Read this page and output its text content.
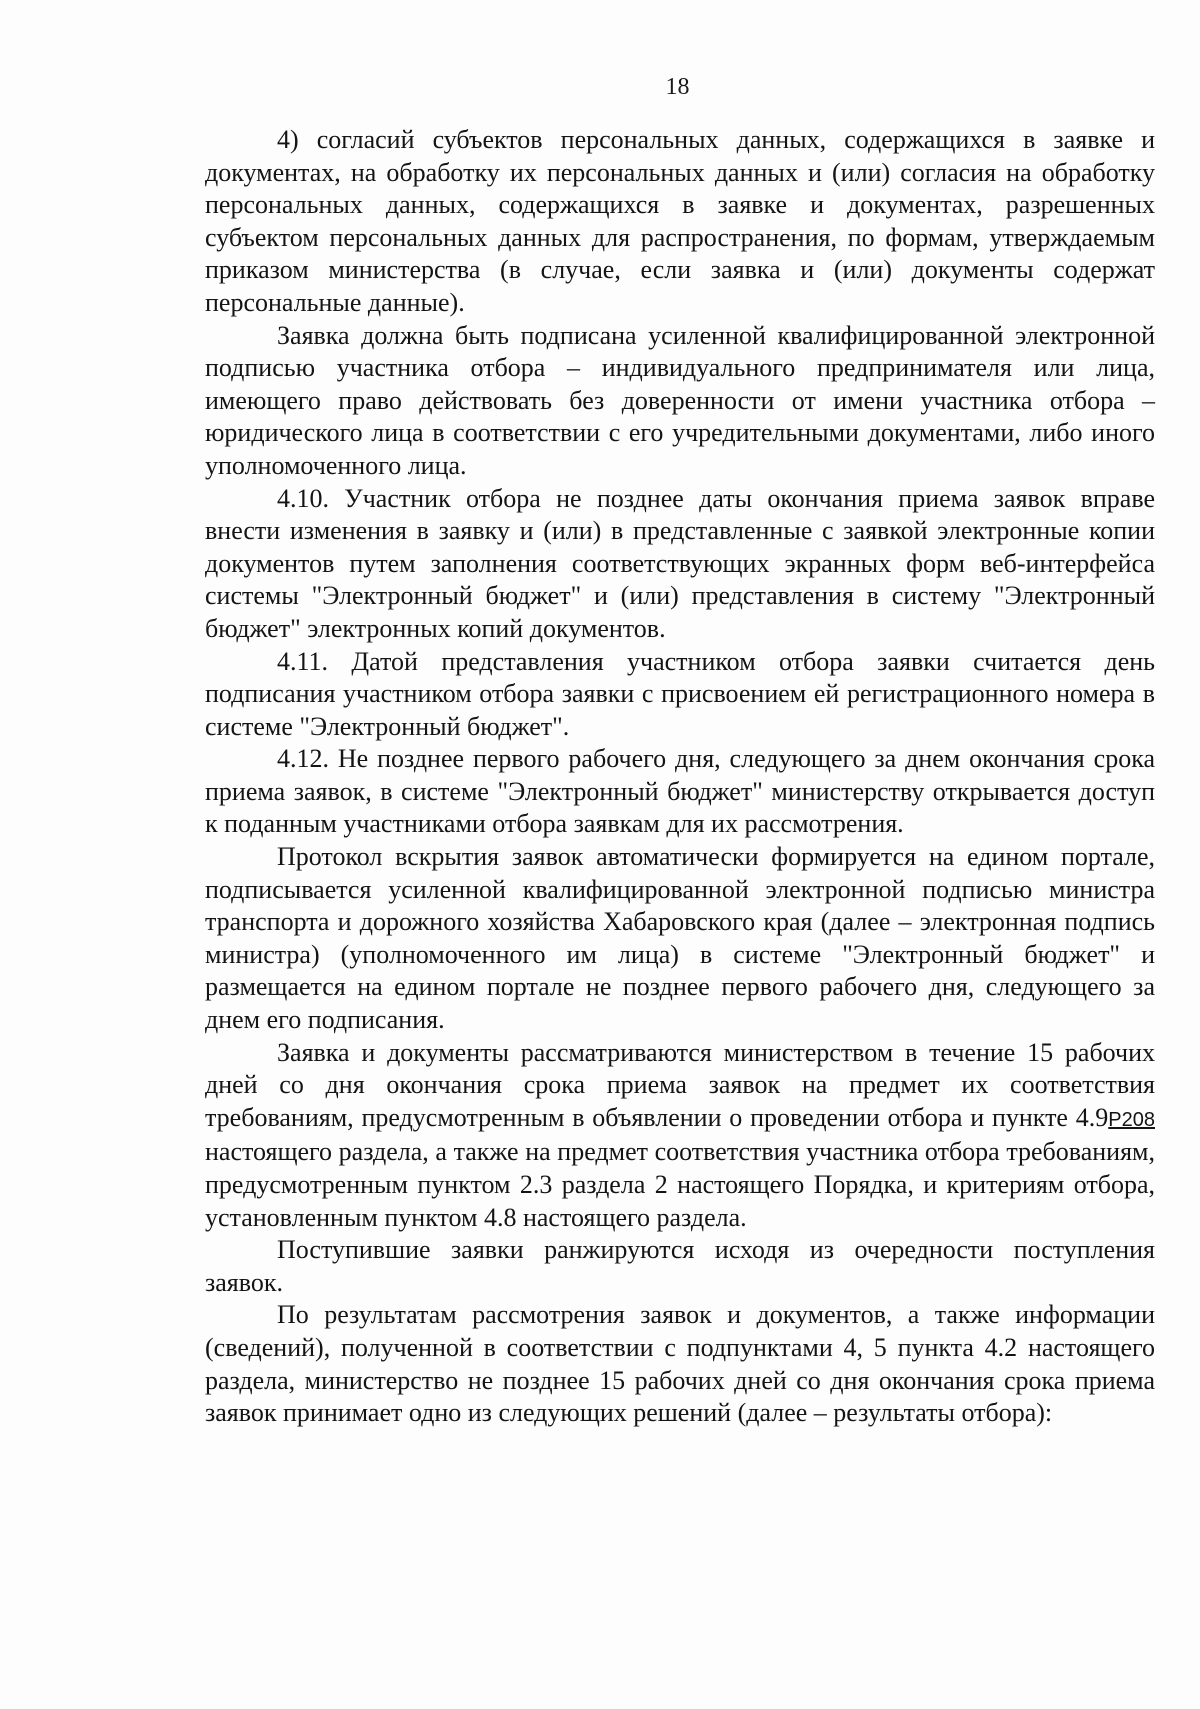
18

4) согласий субъектов персональных данных, содержащихся в заявке и документах, на обработку их персональных данных и (или) согласия на обработку персональных данных, содержащихся в заявке и документах, разрешенных субъектом персональных данных для распространения, по формам, утверждаемым приказом министерства (в случае, если заявка и (или) документы содержат персональные данные).

Заявка должна быть подписана усиленной квалифицированной электронной подписью участника отбора – индивидуального предпринимателя или лица, имеющего право действовать без доверенности от имени участника отбора – юридического лица в соответствии с его учредительными документами, либо иного уполномоченного лица.

4.10. Участник отбора не позднее даты окончания приема заявок вправе внести изменения в заявку и (или) в представленные с заявкой электронные копии документов путем заполнения соответствующих экранных форм веб-интерфейса системы "Электронный бюджет" и (или) представления в систему "Электронный бюджет" электронных копий документов.

4.11. Датой представления участником отбора заявки считается день подписания участником отбора заявки с присвоением ей регистрационного номера в системе "Электронный бюджет".

4.12. Не позднее первого рабочего дня, следующего за днем окончания срока приема заявок, в системе "Электронный бюджет" министерству открывается доступ к поданным участниками отбора заявкам для их рассмотрения.

Протокол вскрытия заявок автоматически формируется на едином портале, подписывается усиленной квалифицированной электронной подписью министра транспорта и дорожного хозяйства Хабаровского края (далее – электронная подпись министра) (уполномоченного им лица) в системе "Электронный бюджет" и размещается на едином портале не позднее первого рабочего дня, следующего за днем его подписания.

Заявка и документы рассматриваются министерством в течение 15 рабочих дней со дня окончания срока приема заявок на предмет их соответствия требованиям, предусмотренным в объявлении о проведении отбора и пункте 4.9P208 настоящего раздела, а также на предмет соответствия участника отбора требованиям, предусмотренным пунктом 2.3 раздела 2 настоящего Порядка, и критериям отбора, установленным пунктом 4.8 настоящего раздела.

Поступившие заявки ранжируются исходя из очередности поступления заявок.

По результатам рассмотрения заявок и документов, а также информации (сведений), полученной в соответствии с подпунктами 4, 5 пункта 4.2 настоящего раздела, министерство не позднее 15 рабочих дней со дня окончания срока приема заявок принимает одно из следующих решений (далее – результаты отбора):
